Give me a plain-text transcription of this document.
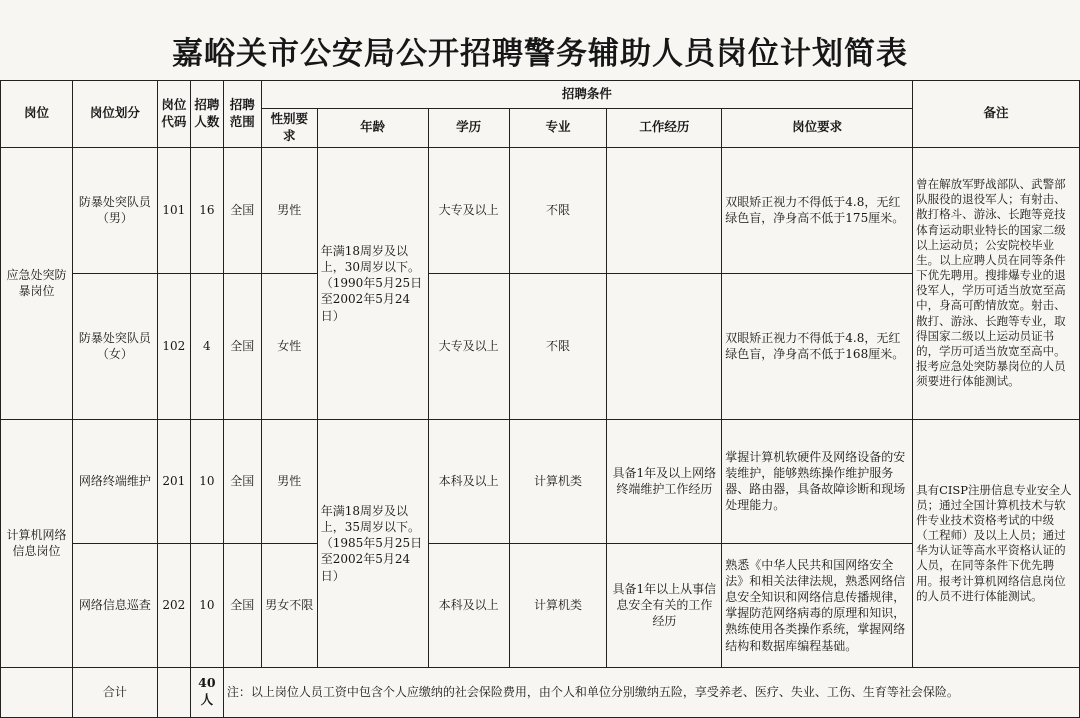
嘉峪关市公安局公开招聘警务辅助人员岗位计划简表
岗位	岗位划分	岗位代码	招聘人数	招聘范围	招聘条件						备注
					性别要求	年龄	学历	专业	工作经历	岗位要求	
应急处突防暴岗位	防暴处突队员（男）	101	16	全国	男性	年满18周岁及以上，30周岁以下。（1990年5月25日至2002年5月24日）	大专及以上	不限		双眼矫正视力不得低于4.8，无红绿色盲，净身高不低于175厘米。	曾在解放军野战部队、武警部队服役的退役军人；有射击、散打格斗、游泳、长跑等竞技体育运动职业特长的国家二级以上运动员；公安院校毕业生。以上应聘人员在同等条件下优先聘用。搜排爆专业的退役军人，学历可适当放宽至高中，身高可酌情放宽。射击、散打、游泳、长跑等专业，取得国家二级以上运动员证书的，学历可适当放宽至高中。报考应急处突防暴岗位的人员须要进行体能测试。
	防暴处突队员（女）	102	4	全国	女性		大专及以上	不限		双眼矫正视力不得低于4.8，无红绿色盲，净身高不低于168厘米。	
计算机网络信息岗位	网络终端维护	201	10	全国	男性	年满18周岁及以上，35周岁以下。（1985年5月25日至2002年5月24日）	本科及以上	计算机类	具备1年及以上网络终端维护工作经历	掌握计算机软硬件及网络设备的安装维护，能够熟练操作维护服务器、路由器，具备故障诊断和现场处理能力。	具有CISP注册信息专业安全人员；通过全国计算机技术与软件专业技术资格考试的中级（工程师）及以上人员；通过华为认证等高水平资格认证的人员，在同等条件下优先聘用。报考计算机网络信息岗位的人员不进行体能测试。
	网络信息巡查	202	10	全国	男女不限		本科及以上	计算机类	具备1年以上从事信息安全有关的工作经历	熟悉《中华人民共和国网络安全法》和相关法律法规，熟悉网络信息安全知识和网络信息传播规律，掌握防范网络病毒的原理和知识，熟练使用各类操作系统，掌握网络结构和数据库编程基础。	
	合计		40人	注：以上岗位人员工资中包含个人应缴纳的社会保险费用，由个人和单位分别缴纳五险，享受养老、医疗、失业、工伤、生育等社会保险。							
